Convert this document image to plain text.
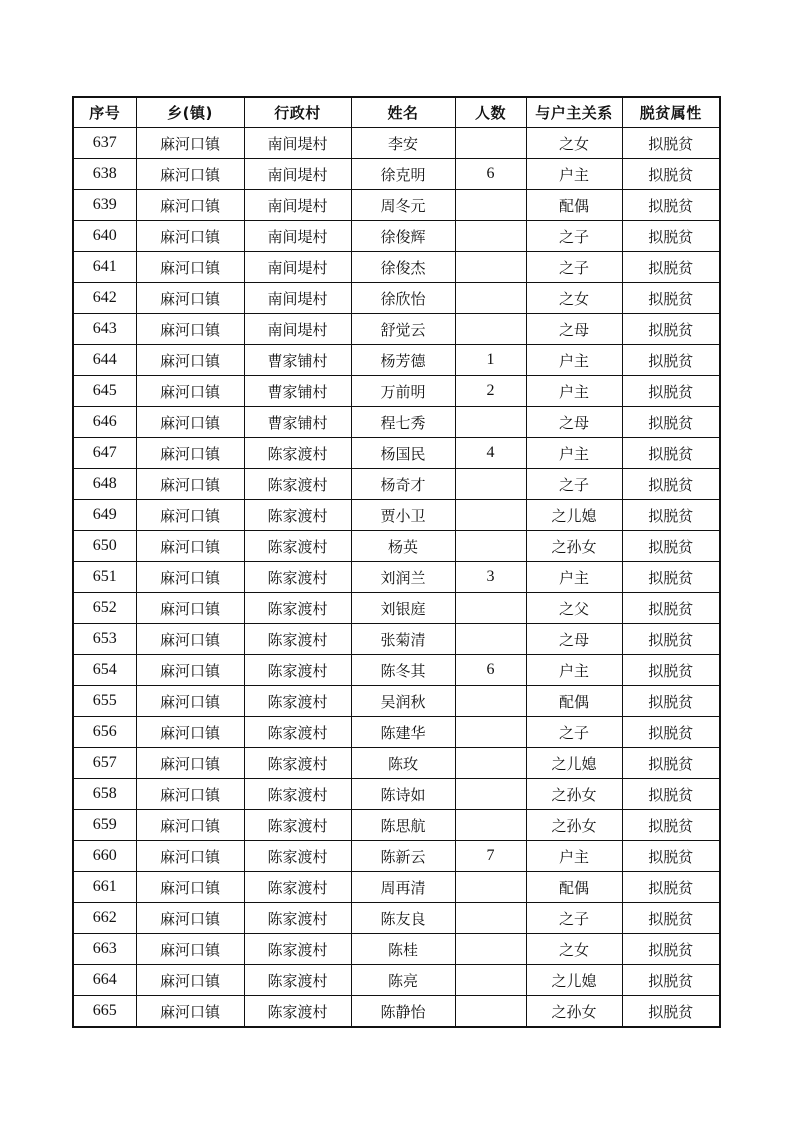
序号	乡(镇)	行政村	姓名	人数	与户主关系	脱贫属性
637	麻河口镇	南间堤村	李安		之女	拟脱贫
638	麻河口镇	南间堤村	徐克明	6	户主	拟脱贫
639	麻河口镇	南间堤村	周冬元		配偶	拟脱贫
640	麻河口镇	南间堤村	徐俊辉		之子	拟脱贫
641	麻河口镇	南间堤村	徐俊杰		之子	拟脱贫
642	麻河口镇	南间堤村	徐欣怡		之女	拟脱贫
643	麻河口镇	南间堤村	舒觉云		之母	拟脱贫
644	麻河口镇	曹家铺村	杨芳德	1	户主	拟脱贫
645	麻河口镇	曹家铺村	万前明	2	户主	拟脱贫
646	麻河口镇	曹家铺村	程七秀		之母	拟脱贫
647	麻河口镇	陈家渡村	杨国民	4	户主	拟脱贫
648	麻河口镇	陈家渡村	杨奇才		之子	拟脱贫
649	麻河口镇	陈家渡村	贾小卫		之儿媳	拟脱贫
650	麻河口镇	陈家渡村	杨英		之孙女	拟脱贫
651	麻河口镇	陈家渡村	刘润兰	3	户主	拟脱贫
652	麻河口镇	陈家渡村	刘银庭		之父	拟脱贫
653	麻河口镇	陈家渡村	张菊清		之母	拟脱贫
654	麻河口镇	陈家渡村	陈冬其	6	户主	拟脱贫
655	麻河口镇	陈家渡村	吴润秋		配偶	拟脱贫
656	麻河口镇	陈家渡村	陈建华		之子	拟脱贫
657	麻河口镇	陈家渡村	陈玫		之儿媳	拟脱贫
658	麻河口镇	陈家渡村	陈诗如		之孙女	拟脱贫
659	麻河口镇	陈家渡村	陈思航		之孙女	拟脱贫
660	麻河口镇	陈家渡村	陈新云	7	户主	拟脱贫
661	麻河口镇	陈家渡村	周再清		配偶	拟脱贫
662	麻河口镇	陈家渡村	陈友良		之子	拟脱贫
663	麻河口镇	陈家渡村	陈桂		之女	拟脱贫
664	麻河口镇	陈家渡村	陈亮		之儿媳	拟脱贫
665	麻河口镇	陈家渡村	陈静怡		之孙女	拟脱贫
